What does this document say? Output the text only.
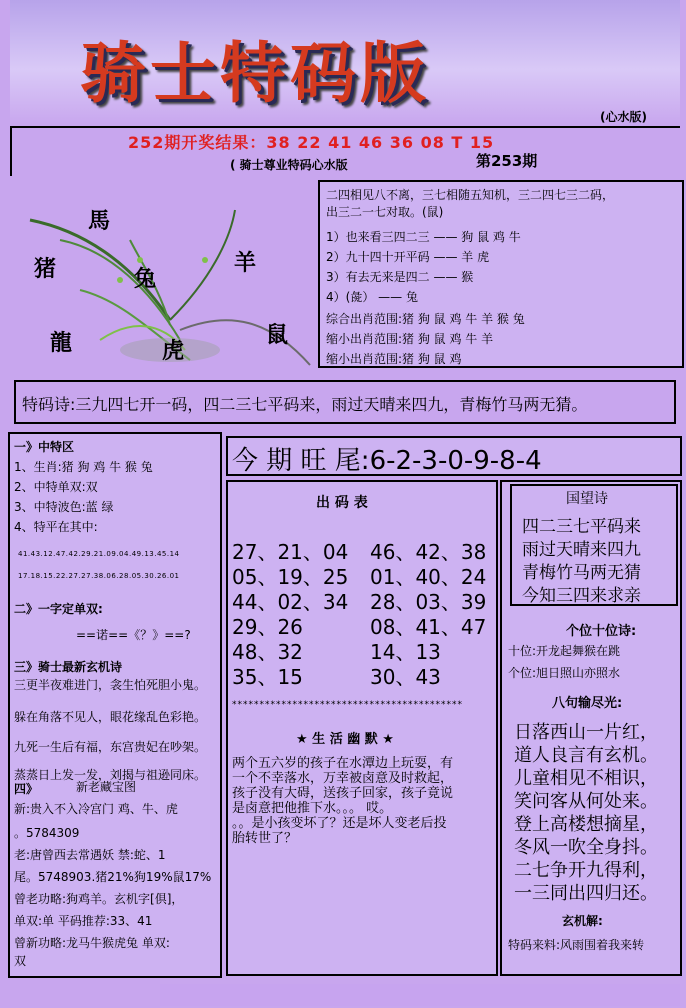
骑士特码版
(心水版)
252期开奖结果：38 22 41 46 36 08 T 15
( 骑士尊业特码心水版	第253期
馬
羊
猪	兔
龍	虎
鼠
二四相见八不离，三七相随五知机，三二四七三二码，
出三二一七对取。(鼠)
1）也来看三四二三 —— 狗 鼠 鸡 牛
2）九十四十开平码 —— 羊 虎
3）有去无来是四二 —— 猴
4）(彘） —— 兔
综合出肖范围:猪 狗 鼠 鸡 牛 羊 猴 兔
缩小出肖范围:猪 狗 鼠 鸡 牛 羊
缩小出肖范围:猪 狗 鼠 鸡
特码诗:三九四七开一码，四二三七平码来，雨过天晴来四九，青梅竹马两无猜。
一》中特区
1、生肖:猪 狗 鸡 牛 猴 兔
2、中特单双:双
3、中特波色:蓝 绿
4、特平在其中:
41.43.12.47.42.29.21.09.04.49.13.45.14
17.18.15.22.27.27.38.06.28.05.30.26.01
二》一字定单双:
==诺==《？》==?
三》骑士最新玄机诗
三更半夜难进门，衾生怕死胆小鬼。
躲在角落不见人，眼花缘乱色彩艳。
九死一生后有福，东宫贵妃在吵架。
蒸蒸日上发一发，刘揭与祖逊同床。
四》	新老藏宝图
新:贵入不入冷宫门 鸡、牛、虎
。5784309
老:唐曾西去常遇妖 禁:蛇、1
尾。5748903.猪21%狗19%鼠17%
曾老功略:狗鸡羊。玄机字[倶]，
单双:单 平码推荐:33、41
曾新功略:龙马牛猴虎兔 单双:
双
今 期 旺 尾:6-2-3-0-9-8-4
出 码 表
27、21、04 46、42、38
05、19、25 01、40、24
44、02、34 28、03、39
29、26	08、41、47
48、32	14、13
35、15	30、43
******************************************
★ 生 活 幽 默 ★
两个五六岁的孩子在水潭边上玩耍，有
一个不幸落水，万幸被卤意及时救起，
孩子没有大碍，送孩子回家，孩子竟说
是卤意把他推下水。。。 哎。
。。是小孩变坏了？还是坏人变老后投
胎转世了？
国望诗
四二三七平码来
雨过天晴来四九
青梅竹马两无猜
今知三四来求亲
个位十位诗:
十位:开龙起舞猴在跳
个位:旭日照山亦照水
八句输尽光:
日落西山一片红，
道人良言有玄机。
儿童相见不相识，
笑问客从何处来。
登上高楼想摘星，
冬风一吹全身抖。
二七争开九得利，
一三同出四归还。
玄机解:
特码来料:风雨围着我来转
